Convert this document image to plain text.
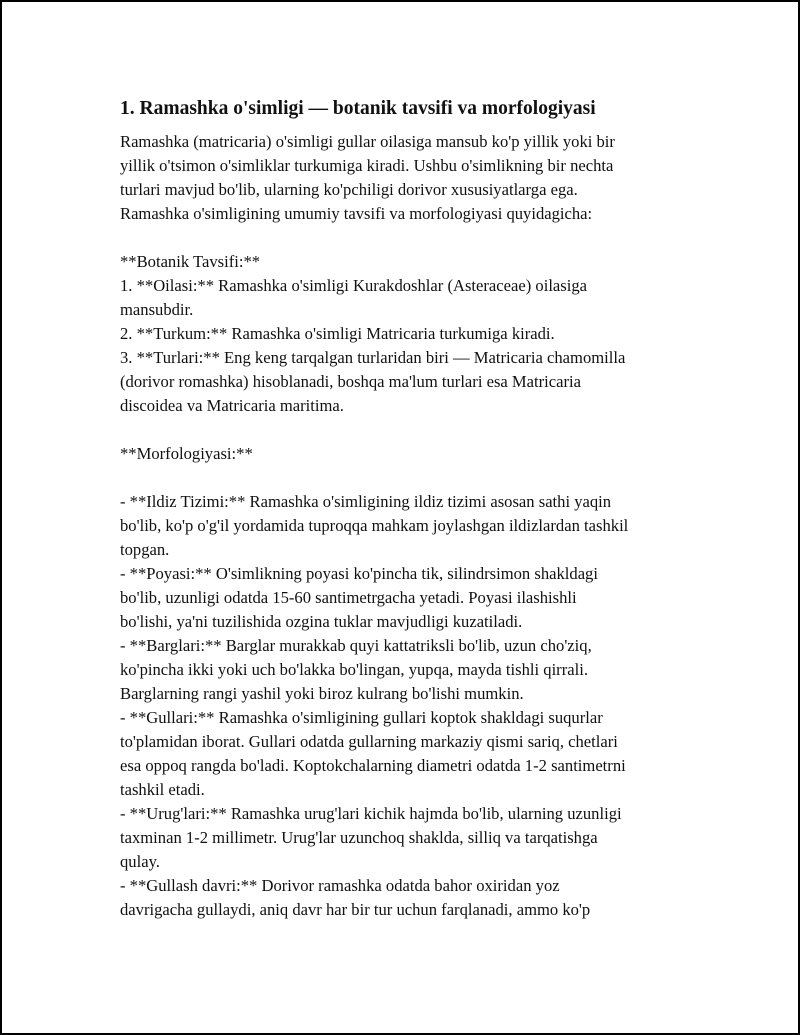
1. Ramashka o'simligi — botanik tavsifi va morfologiyasi
Ramashka (matricaria) o'simligi gullar oilasiga mansub ko'p yillik yoki bir
yillik o'tsimon o'simliklar turkumiga kiradi. Ushbu o'simlikning bir nechta
turlari mavjud bo'lib, ularning ko'pchiligi dorivor xususiyatlarga ega.
Ramashka o'simligining umumiy tavsifi va morfologiyasi quyidagicha:
**Botanik Tavsifi:**
1. **Oilasi:** Ramashka o'simligi Kurakdoshlar (Asteraceae) oilasiga
mansubdir.
2. **Turkum:** Ramashka o'simligi Matricaria turkumiga kiradi.
3. **Turlari:** Eng keng tarqalgan turlaridan biri — Matricaria chamomilla
(dorivor romashka) hisoblanadi, boshqa ma'lum turlari esa Matricaria
discoidea va Matricaria maritima.
**Morfologiyasi:**
- **Ildiz Tizimi:** Ramashka o'simligining ildiz tizimi asosan sathi yaqin
bo'lib, ko'p o'g'il yordamida tuproqqa mahkam joylashgan ildizlardan tashkil
topgan.
- **Poyasi:** O'simlikning poyasi ko'pincha tik, silindrsimon shakldagi
bo'lib, uzunligi odatda 15-60 santimetrgacha yetadi. Poyasi ilashishli
bo'lishi, ya'ni tuzilishida ozgina tuklar mavjudligi kuzatiladi.
- **Barglari:** Barglar murakkab quyi kattatriksli bo'lib, uzun cho'ziq,
ko'pincha ikki yoki uch bo'lakka bo'lingan, yupqa, mayda tishli qirrali.
Barglarning rangi yashil yoki biroz kulrang bo'lishi mumkin.
- **Gullari:** Ramashka o'simligining gullari koptok shakldagi suqurlar
to'plamidan iborat. Gullari odatda gullarning markaziy qismi sariq, chetlari
esa oppoq rangda bo'ladi. Koptokchalarning diametri odatda 1-2 santimetrni
tashkil etadi.
- **Urug'lari:** Ramashka urug'lari kichik hajmda bo'lib, ularning uzunligi
taxminan 1-2 millimetr. Urug'lar uzunchoq shaklda, silliq va tarqatishga
qulay.
- **Gullash davri:** Dorivor ramashka odatda bahor oxiridan yoz
davrigacha gullaydi, aniq davr har bir tur uchun farqlanadi, ammo ko'p
